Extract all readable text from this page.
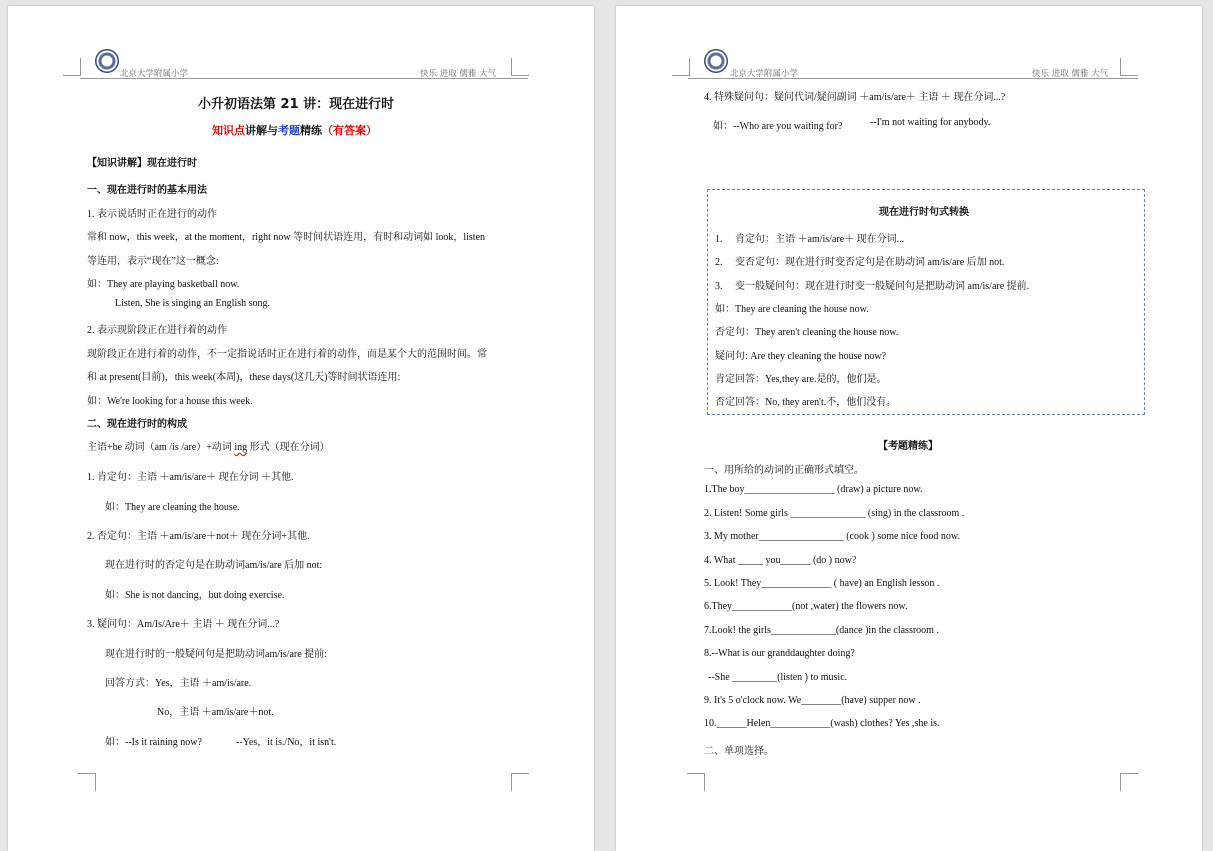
北京大学附属小学	快乐 进取 儒雅 大气
小升初语法第 21 讲：现在进行时
知识点讲解与考题精练（有答案）
【知识讲解】现在进行时
一、现在进行时的基本用法
1. 表示说话时正在进行的动作
常和 now，this week，at the moment，right now 等时间状语连用，有时和动词如 look，listen
等连用，表示“现在”这一概念:
如：They are playing basketball now.
Listen, She is singing an English song.
2. 表示现阶段正在进行着的动作
现阶段正在进行着的动作，不一定指说话时正在进行着的动作，而是某个大的范围时间。常
和 at present(目前)，this week(本周)，these days(这几天)等时间状语连用:
如：We're looking for a house this week.
二、现在进行时的构成
主语+be 动词（am /is /are）+动词 ing 形式（现在分词）
1. 肯定句：主语 ＋am/is/are＋ 现在分词 ＋其他.
如：They are cleaning the house.
2. 否定句：主语 ＋am/is/are＋not＋ 现在分词+其他.
现在进行时的否定句是在助动词am/is/are 后加 not:
如：She is not dancing，but doing exercise.
3. 疑问句：Am/Is/Are＋ 主语 ＋ 现在分词...?
现在进行时的一般疑问句是把助动词am/is/are 提前:
回答方式：Yes，主语 ＋am/is/are.
No，主语 ＋am/is/are＋not.
如：--Is it raining now?	--Yes，it is./No，it isn't.
北京大学附属小学	快乐 进取 儒雅 大气
4. 特殊疑问句：疑问代词/疑问副词 ＋am/is/are＋ 主语 ＋ 现在分词...?
如：--Who are you waiting for?	--I'm not waiting for anybody.
现在进行时句式转换
1.　 肯定句：主语 ＋am/is/are＋ 现在分词...
2.　 变否定句：现在进行时变否定句是在助动词 am/is/are 后加 not.
3.　 变一般疑问句：现在进行时变一般疑问句是把助动词 am/is/are 提前.
如：They are cleaning the house now.
否定句：They aren't cleaning the house now.
疑问句: Are they cleaning the house now?
肯定回答：Yes,they are.是的，他们是。
否定回答：No, they aren't.不，他们没有。
【考题精练】
一、用所给的动词的正确形式填空。
1.The boy__________________ (draw) a picture now.
2. Listen! Some girls _______________ (sing) in the classroom .
3. My mother_________________ (cook ) some nice food now.
4. What _____ you______ (do ) now?
5. Look! They______________ ( have) an English lesson .
6.They____________(not ,water) the flowers now.
7.Look! the girls_____________(dance )in the classroom .
8.--What is our granddaughter doing?
--She _________(listen ) to music.
9. It's 5 o'clock now. We________(have) supper now .
10.______Helen____________(wash) clothes? Yes ,she is.
二、单项选择。
